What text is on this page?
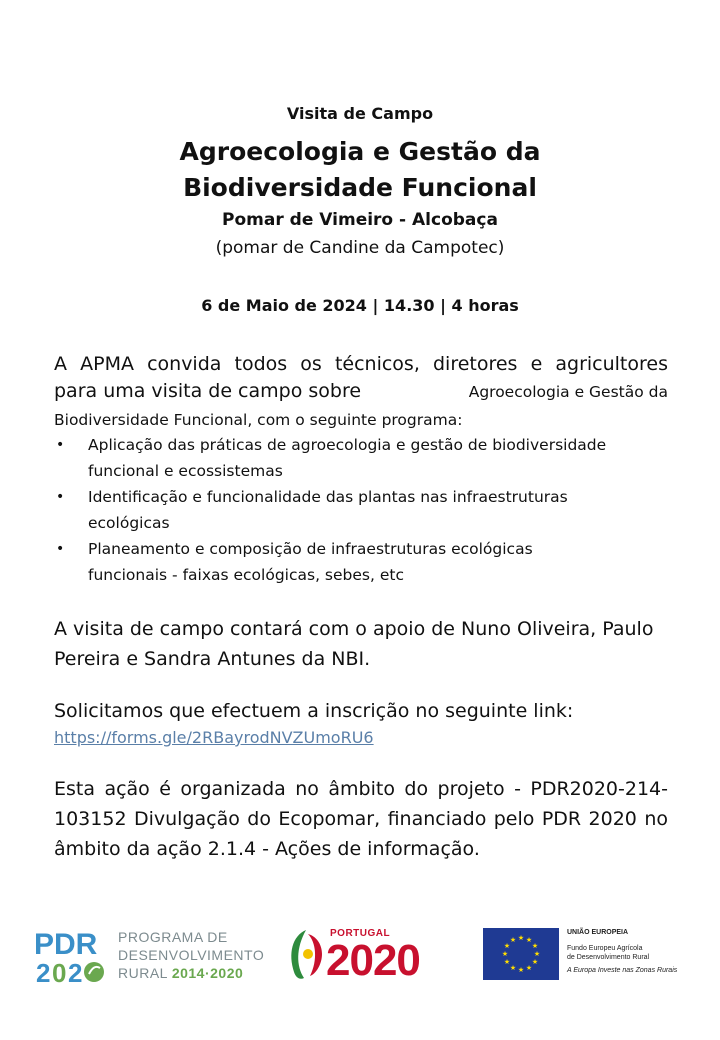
Visita de Campo
Agroecologia e Gestão da Biodiversidade Funcional
Pomar de Vimeiro - Alcobaça
(pomar de Candine da Campotec)
6 de Maio de 2024 | 14.30 | 4 horas
A APMA convida todos os técnicos, diretores e agricultores
para uma visita de campo sobre	Agroecologia e Gestão da
Biodiversidade Funcional, com o seguinte programa:
• Aplicação das práticas de agroecologia e gestão de biodiversidade funcional e ecossistemas
• Identificação e funcionalidade das plantas nas infraestruturas ecológicas
• Planeamento e composição de infraestruturas ecológicas funcionais - faixas ecológicas, sebes, etc
A visita de campo contará com o apoio de Nuno Oliveira, Paulo Pereira e Sandra Antunes da NBI.
Solicitamos que efectuem a inscrição no seguinte link:
https://forms.gle/2RBayrodNVZUmoRU6
Esta ação é organizada no âmbito do projeto - PDR2020-214-103152 Divulgação do Ecopomar, financiado pelo PDR 2020 no âmbito da ação 2.1.4 - Ações de informação.
PDR
2 0 2
PROGRAMA DE
DESENVOLVIMENTO
RURAL 2014·2020
PORTUGAL
2020	★ ★
★
★
★
★
★
★
★
★
★
★
UNIÃO EUROPEIA
Fundo Europeu Agrícola
de Desenvolvimento Rural
A Europa Investe nas Zonas Rurais
